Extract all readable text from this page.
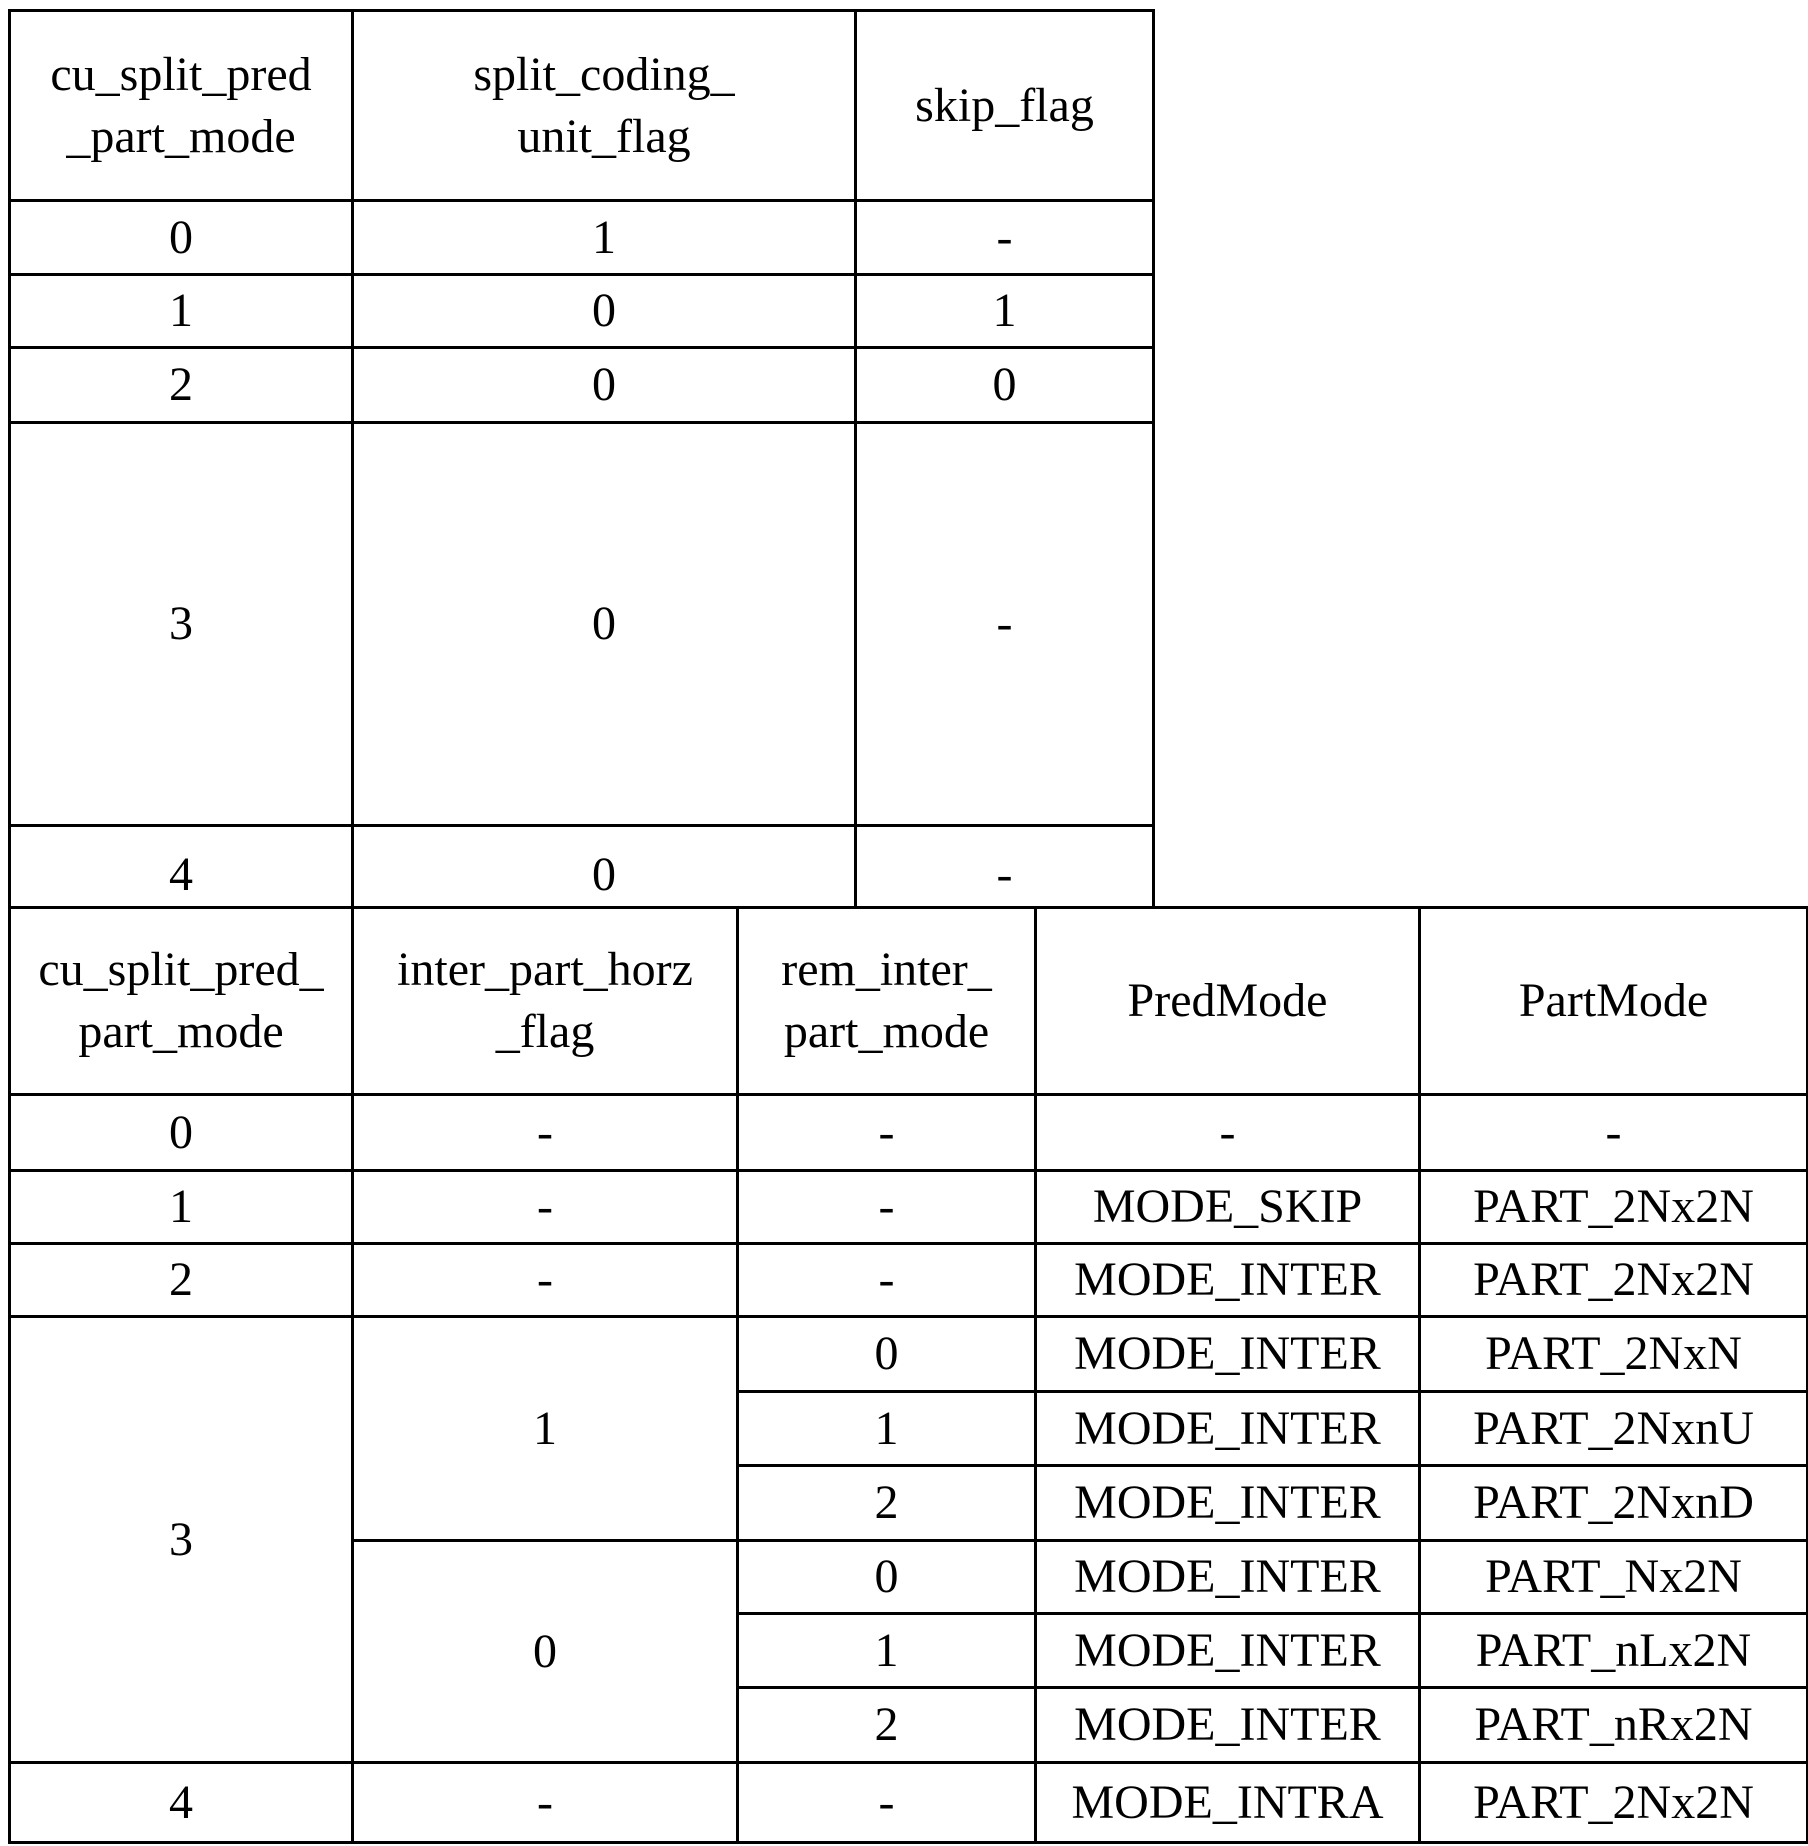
cu_split_pred
_part_mode

split_coding_
unit_flag

skip_flag

0	1	-
1	0	1
2	0	0
3	0	-
4	0	-
cu_split_pred_
part_mode

inter_part_horz
_flag

rem_inter_
part_mode

PredMode	PartMode

0	-	-	-	-
1	-	-	MODE_SKIP	PART_2Nx2N
2	-	-	MODE_INTER	PART_2Nx2N
3	1	0	MODE_INTER	PART_2NxN
1	MODE_INTER	PART_2NxnU
2	MODE_INTER	PART_2NxnD
0	0	MODE_INTER	PART_Nx2N
1	MODE_INTER	PART_nLx2N
2	MODE_INTER	PART_nRx2N
4	-	-	MODE_INTRA	PART_2Nx2N
